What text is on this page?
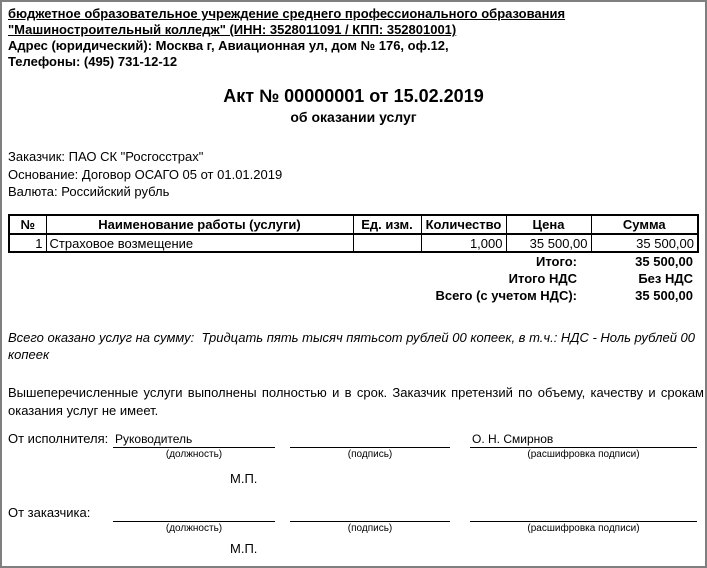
бюджетное образовательное учреждение среднего профессионального образования
"Машиностроительный колледж" (ИНН: 3528011091 / КПП: 352801001)
Адрес (юридический): Москва г, Авиационная ул, дом № 176, оф.12,
Телефоны: (495) 731-12-12
Акт № 00000001 от 15.02.2019
об оказании услуг
Заказчик: ПАО СК "Росгосстрах"
Основание: Договор ОСАГО 05 от 01.01.2019
Валюта: Российский рубль
№	Наименование работы (услуги)	Ед. изм.	Количество	Цена	Сумма
1	Страховое возмещение		1,000	35 500,00	35 500,00
Итого:	35 500,00
Итого НДС	Без НДС
Всего (с учетом НДС):	35 500,00
Всего оказано услуг на сумму:  Тридцать пять тысяч пятьсот рублей 00 копеек, в т.ч.: НДС - Ноль рублей 00 копеек
Вышеперечисленные услуги выполнены полностью и в срок. Заказчик претензий по объему, качеству и срокам оказания услуг не имеет.
От исполнителя: Руководитель
(должность)	(подпись)
О. Н. Смирнов
(расшифровка подписи)
М.П.
От заказчика:
(должность)	(подпись)	(расшифровка подписи)
М.П.
